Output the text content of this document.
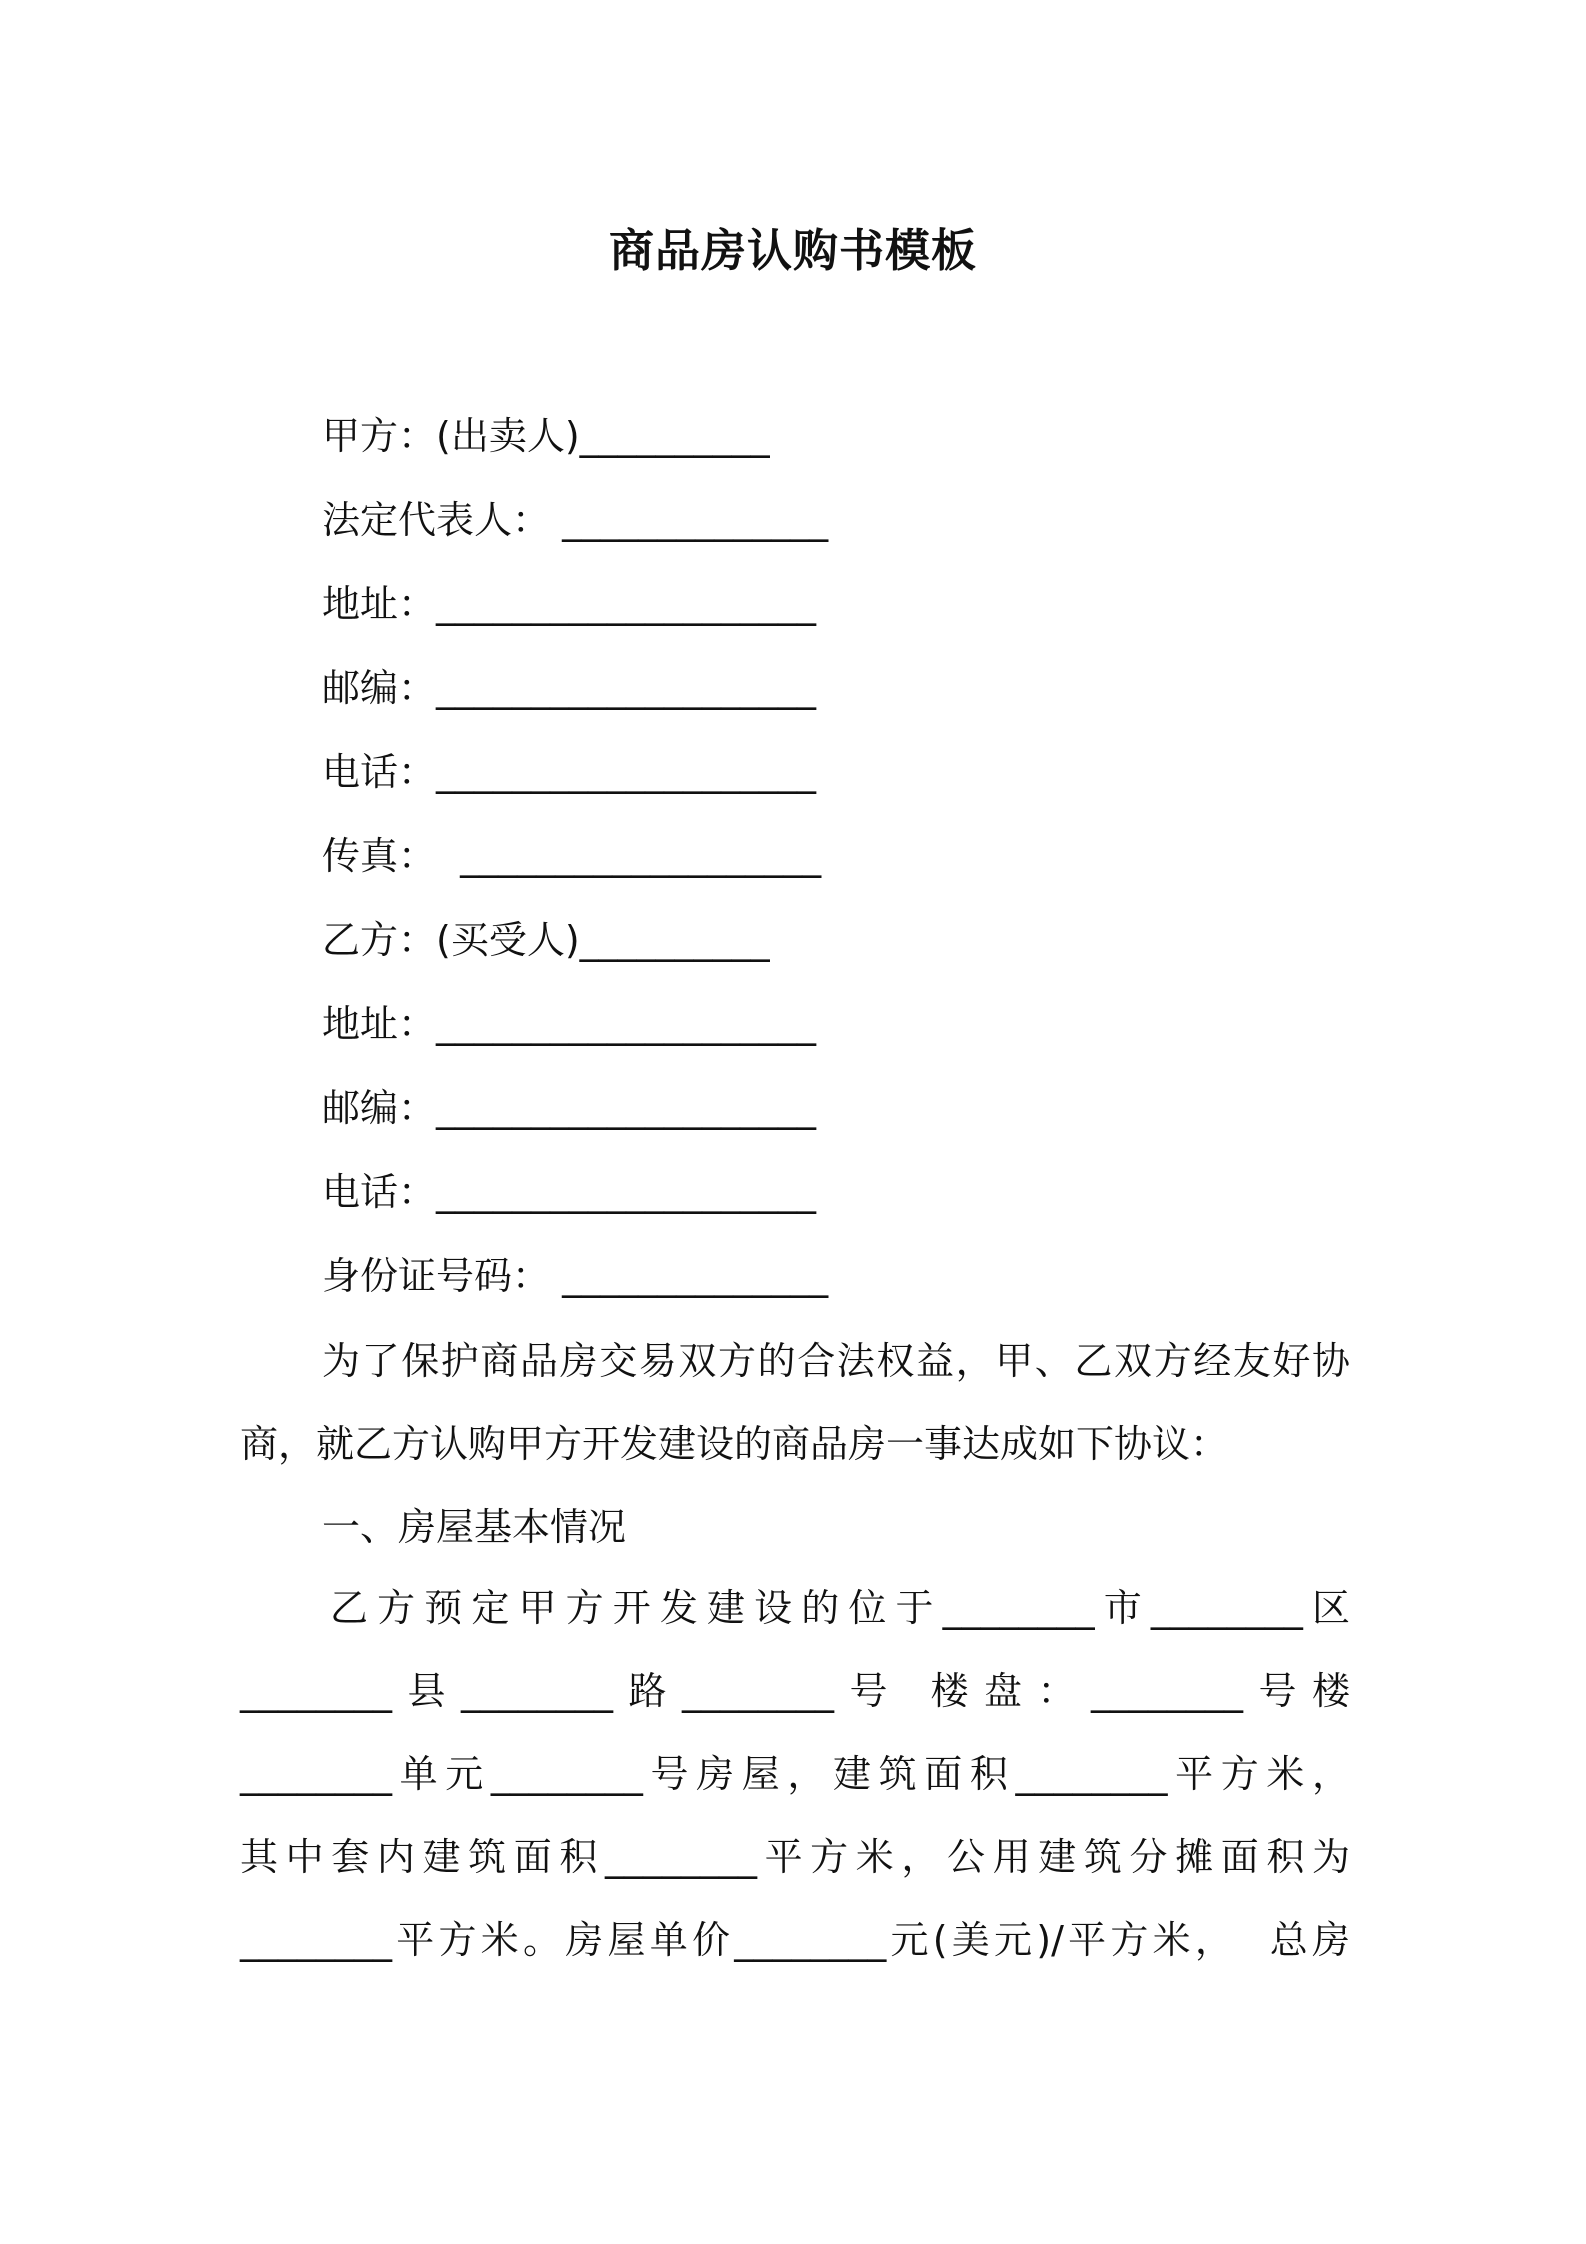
商品房认购书模板
甲方：(出卖人)__________
法定代表人： ______________
地址：____________________
邮编：____________________
电话：____________________
传真：  ___________________
乙方：(买受人)__________
地址：____________________
邮编：____________________
电话：____________________
身份证号码： ______________
为了保护商品房交易双方的合法权益，甲、乙双方经友好协商，就乙方认购甲方开发建设的商品房一事达成如下协议：
一、房屋基本情况
乙方预定甲方开发建设的位于________市________区
________县________路________号 楼盘：________号楼
________单元________号房屋，建筑面积________平方米，
其中套内建筑面积________平方米，公用建筑分摊面积为
________平方米。房屋单价________元(美元)/平方米，  总房
